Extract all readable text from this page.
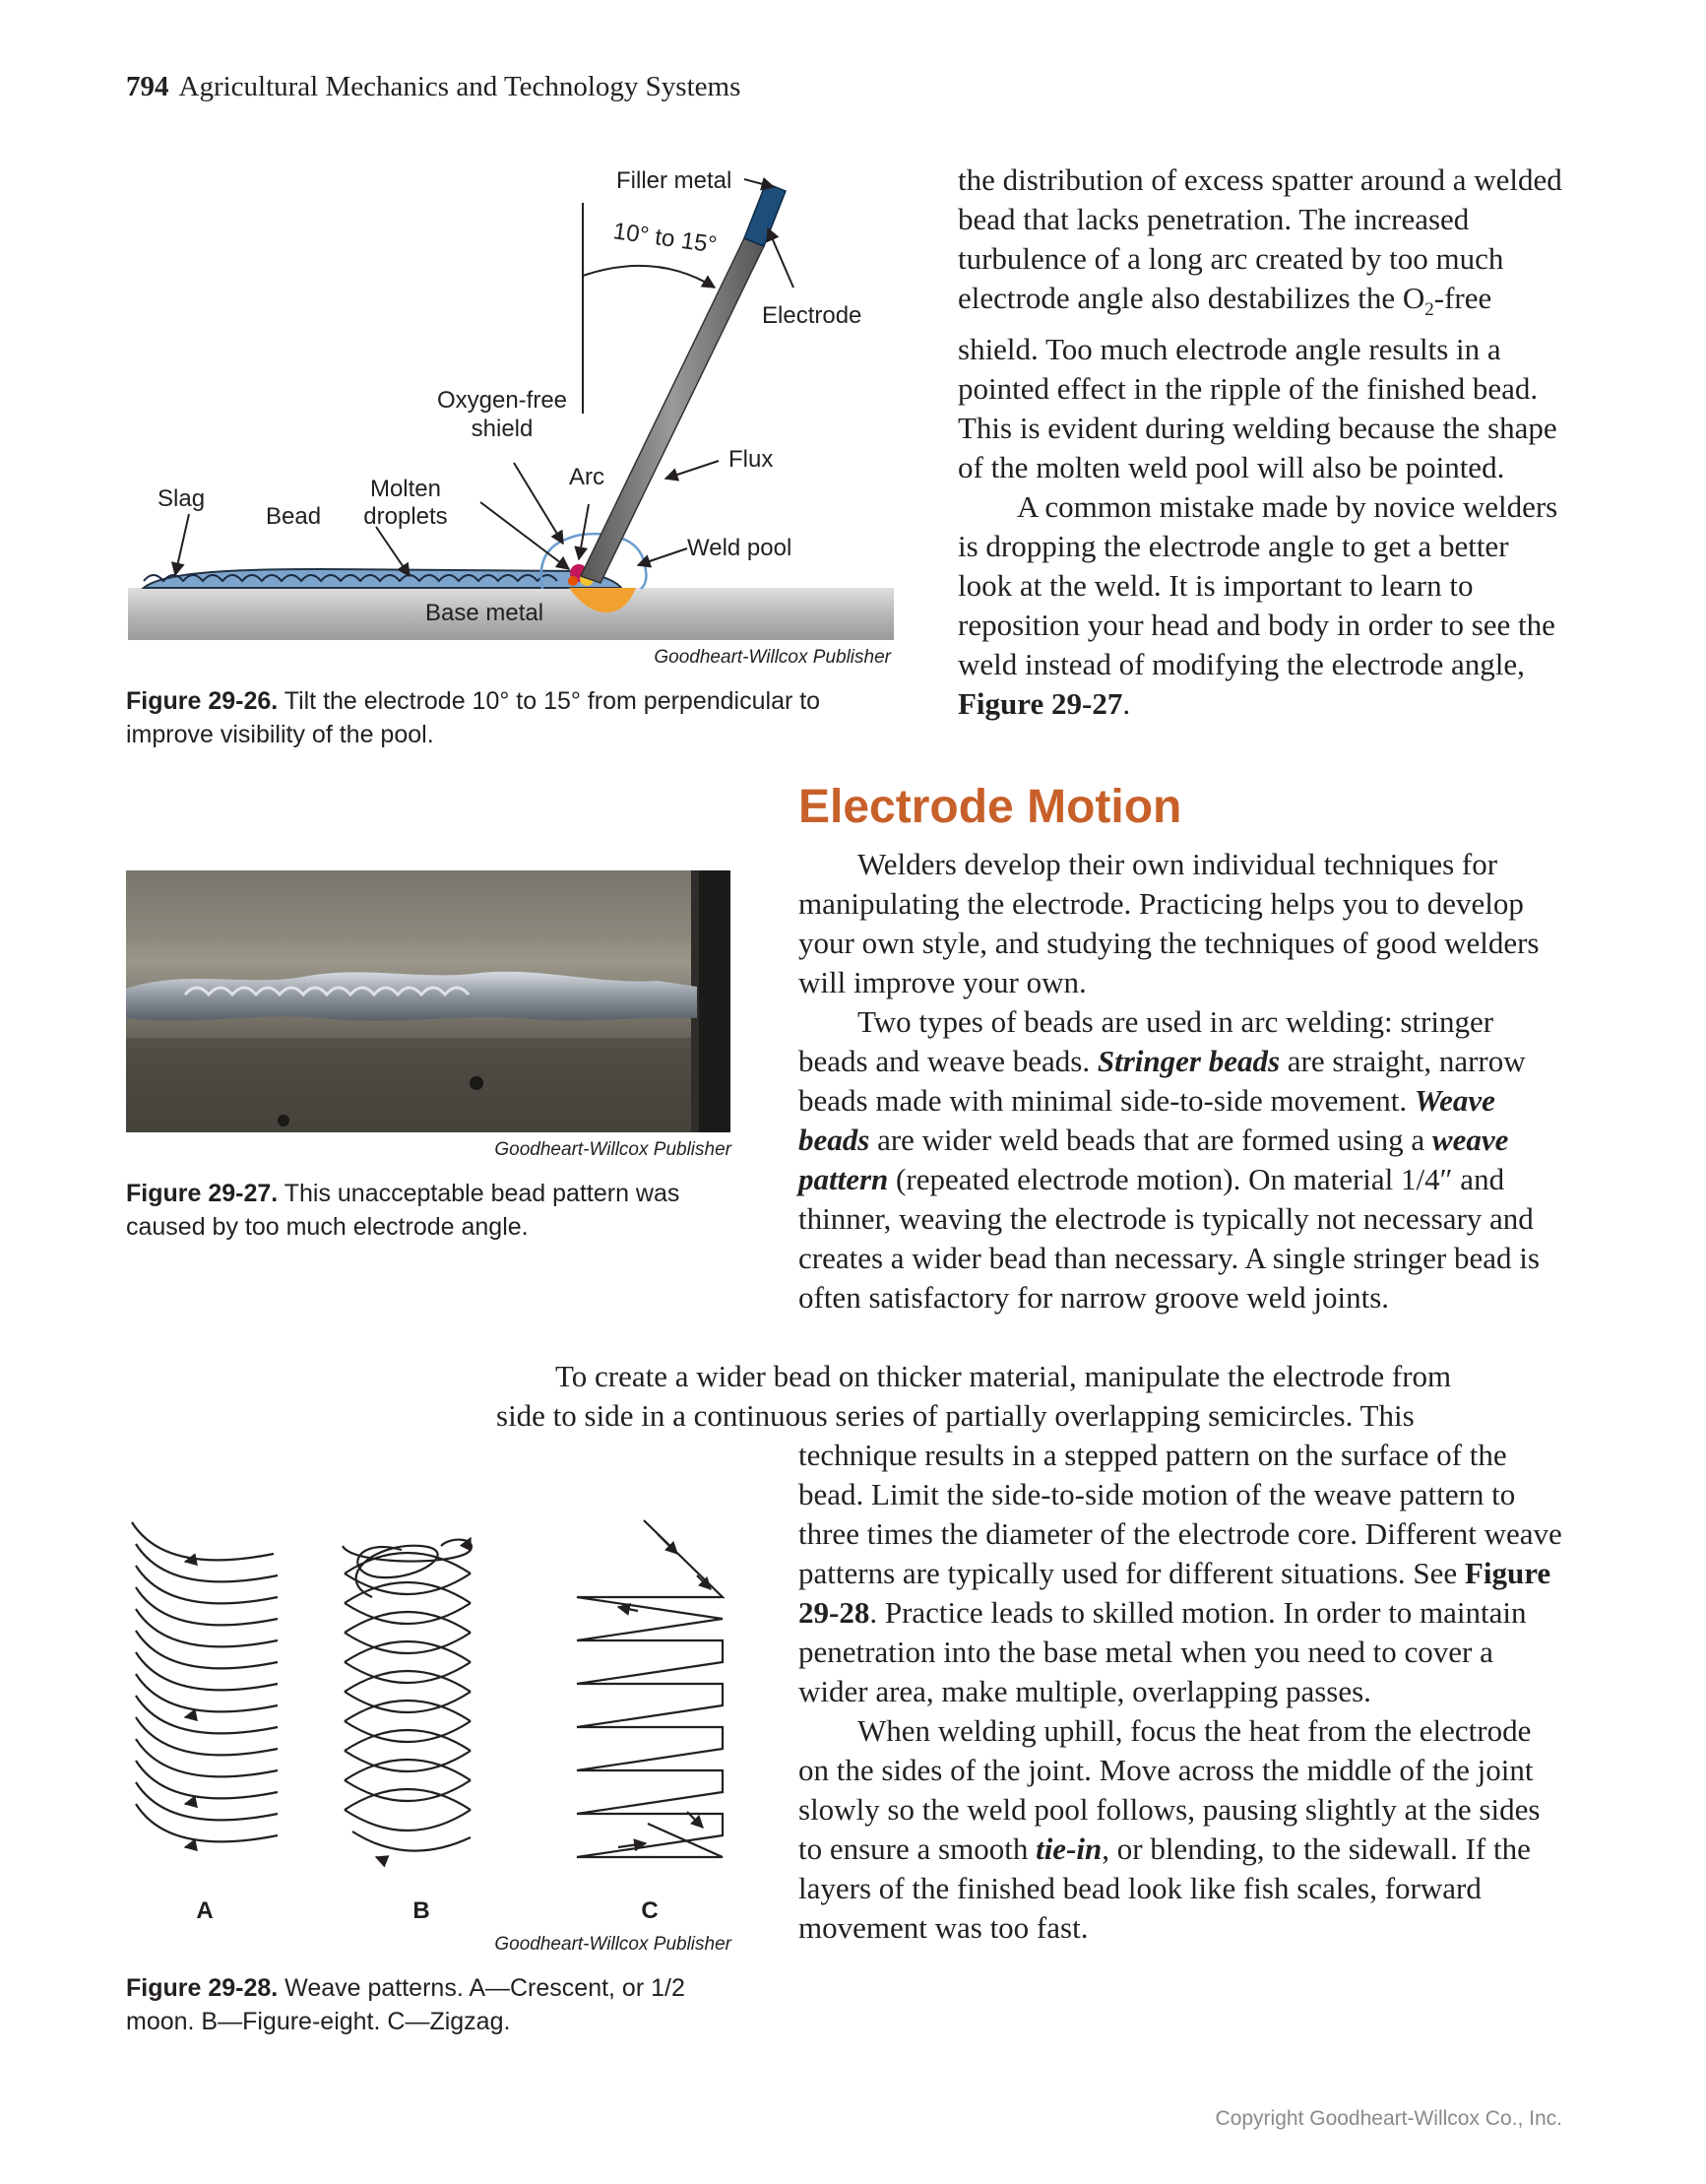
794 Agricultural Mechanics and Technology Systems
Filler metal
10° to 15°
Electrode
Oxygen-free
shield
Arc
Flux
Slag
Bead
Molten
droplets
Weld pool
Base metal
Goodheart-Willcox Publisher
Figure 29-26. Tilt the electrode 10° to 15° from perpendicular to improve visibility of the pool.
Goodheart-Willcox Publisher
Figure 29-27. This unacceptable bead pattern was caused by too much electrode angle.
A	B	C
Goodheart-Willcox Publisher
Figure 29-28. Weave patterns. A—Crescent, or 1/2 moon. B—Figure-eight. C—Zigzag.

the distribution of excess spatter around a welded bead that lacks penetration. The increased turbulence of a long arc created by too much electrode angle also destabilizes the $O_2$-free shield. Too much electrode angle results in a pointed effect in the ripple of the finished bead. This is evident during welding because the shape of the molten weld pool will also be pointed.

A common mistake made by novice welders is dropping the electrode angle to get a better look at the weld. It is important to learn to reposition your head and body in order to see the weld instead of modifying the electrode angle, Figure 29-27.

Electrode Motion

Welders develop their own individual techniques for manipulating the electrode. Practicing helps you to develop your own style, and studying the techniques of good welders will improve your own.

Two types of beads are used in arc welding: stringer beads and weave beads. Stringer beads are straight, narrow beads made with minimal side-to-side movement. Weave beads are wider weld beads that are formed using a weave pattern (repeated electrode motion). On material 1/4″ and thinner, weaving the electrode is typically not necessary and creates a wider bead than necessary. A single stringer bead is often satisfactory for narrow groove weld joints.

To create a wider bead on thicker material, manipulate the electrode from
side to side in a continuous series of partially overlapping semicircles. This

technique results in a stepped pattern on the surface of the bead. Limit the side-to-side motion of the weave pattern to three times the diameter of the electrode core. Different weave patterns are typically used for different situations. See Figure 29-28. Practice leads to skilled motion. In order to maintain penetration into the base metal when you need to cover a wider area, make multiple, overlapping passes.

When welding uphill, focus the heat from the electrode on the sides of the joint. Move across the middle of the joint slowly so the weld pool follows, pausing slightly at the sides to ensure a smooth tie-in, or blending, to the sidewall. If the layers of the finished bead look like fish scales, forward movement was too fast.

Copyright Goodheart-Willcox Co., Inc.
